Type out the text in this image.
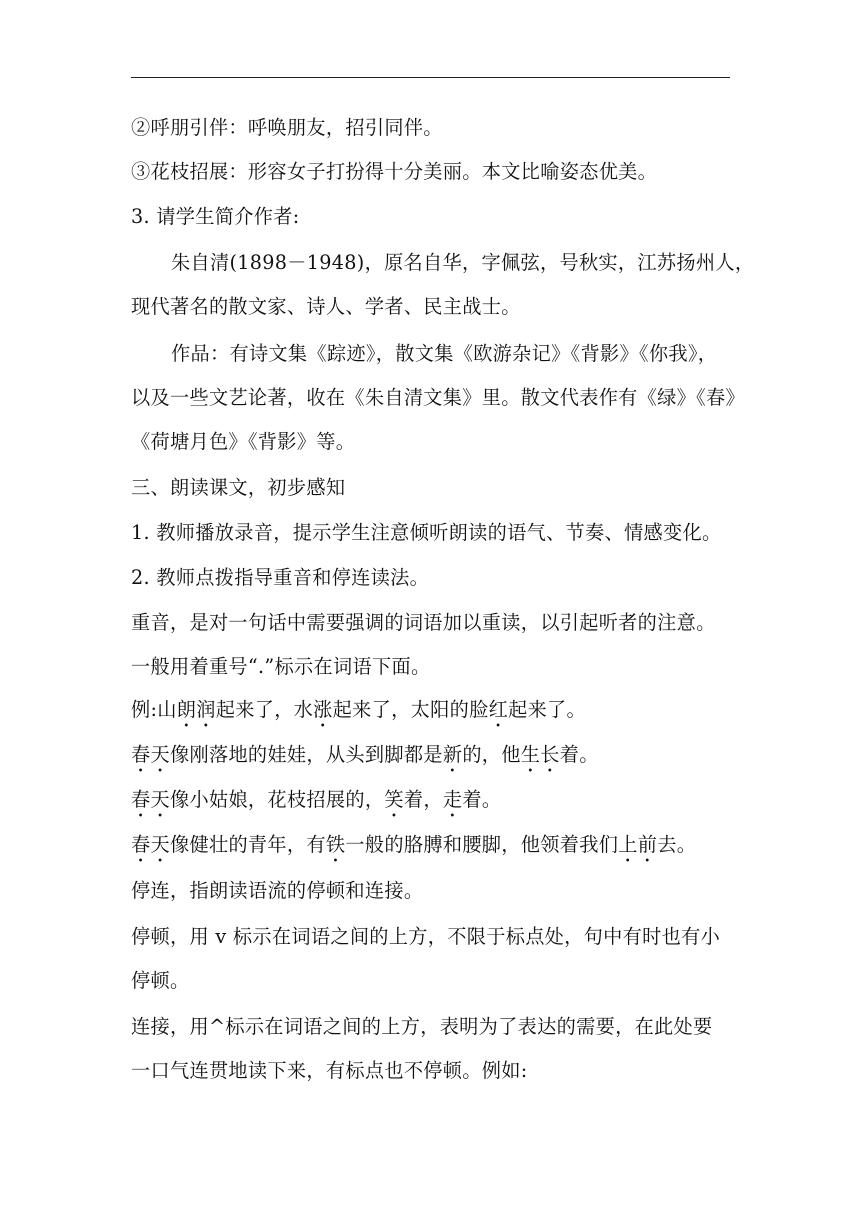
②呼朋引伴：呼唤朋友，招引同伴。
③花枝招展：形容女子打扮得十分美丽。本文比喻姿态优美。
3. 请学生简介作者:
朱自清(1898－1948)，原名自华，字佩弦，号秋实，江苏扬州人，
现代著名的散文家、诗人、学者、民主战士。
作品：有诗文集《踪迹》，散文集《欧游杂记》《背影》《你我》，
以及一些文艺论著，收在《朱自清文集》里。散文代表作有《绿》《春》
《荷塘月色》《背影》等。
三、朗读课文，初步感知
1. 教师播放录音，提示学生注意倾听朗读的语气、节奏、情感变化。
2. 教师点拨指导重音和停连读法。
重音，是对一句话中需要强调的词语加以重读，以引起听者的注意。
一般用着重号“.”标示在词语下面。
例:山朗润起来了，水涨起来了，太阳的脸红起来了。
春天像刚落地的娃娃，从头到脚都是新的，他生长着。
春天像小姑娘，花枝招展的，笑着，走着。
春天像健壮的青年，有铁一般的胳膊和腰脚，他领着我们上前去。
停连，指朗读语流的停顿和连接。
停顿，用 v 标示在词语之间的上方，不限于标点处，句中有时也有小
停顿。
连接，用^标示在词语之间的上方，表明为了表达的需要，在此处要
一口气连贯地读下来，有标点也不停顿。例如:
